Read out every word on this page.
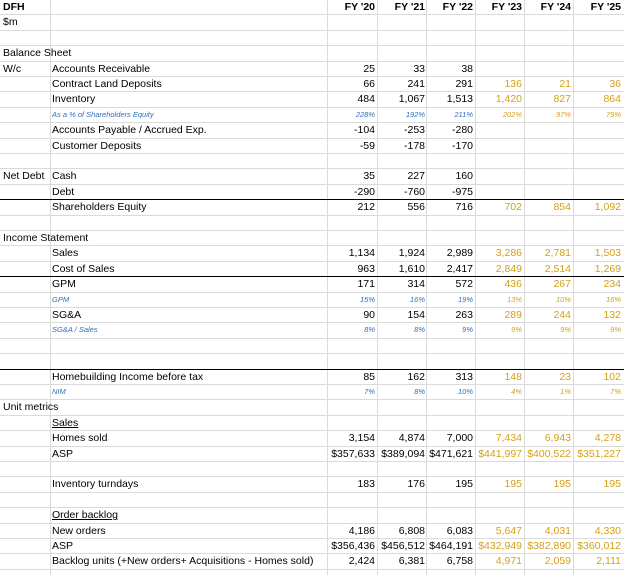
DFH	FY '20 FY '21 FY '22 FY '23 FY '24 FY '25
$m
Balance Sheet
W/c	Accounts Receivable	25	33	38
Contract Land Deposits	66	241	291	136	21	36
Inventory	484 1,067 1,513 1,420	827	864
As a % of Shareholders Equity	228%	192%	211%	202%	97%	79%
Accounts Payable / Accrued Exp.	-104	-253	-280
Customer Deposits	-59	-178	-170
Net Debt Cash	35	227	160
Debt	-290	-760	-975
Shareholders Equity	212	556	716	702	854 1,092
Income Statement
Sales	1,134 1,924 2,989 3,286 2,781 1,503
Cost of Sales	963 1,610 2,417 2,849 2,514 1,269
GPM	171	314	572	436	267	234
GPM	15%	16%	19%	13%	10%	16%
SG&A	90	154	263	289	244	132
SG&A / Sales	8%	8%	9%	9%	9%	9%
Homebuilding Income before tax	85	162	313	148	23	102
NIM	7%	8%	10%	4%	1%	7%
Unit metrics
Sales
Homes sold	3,154 4,874 7,000 7,434 6,943 4,278
ASP	$357,633 $389,094 $471,621 $441,997 $400,522 $351,227
Inventory turndays	183	176	195	195	195	195
Order backlog
New orders	4,186 6,808 6,083 5,647 4,031 4,330
ASP	$356,436 $456,512 $464,191 $432,949 $382,890 $360,012
Backlog units (+New orders+ Acquisitions - Homes sold)	2,424 6,381 6,758 4,971 2,059 2,111
